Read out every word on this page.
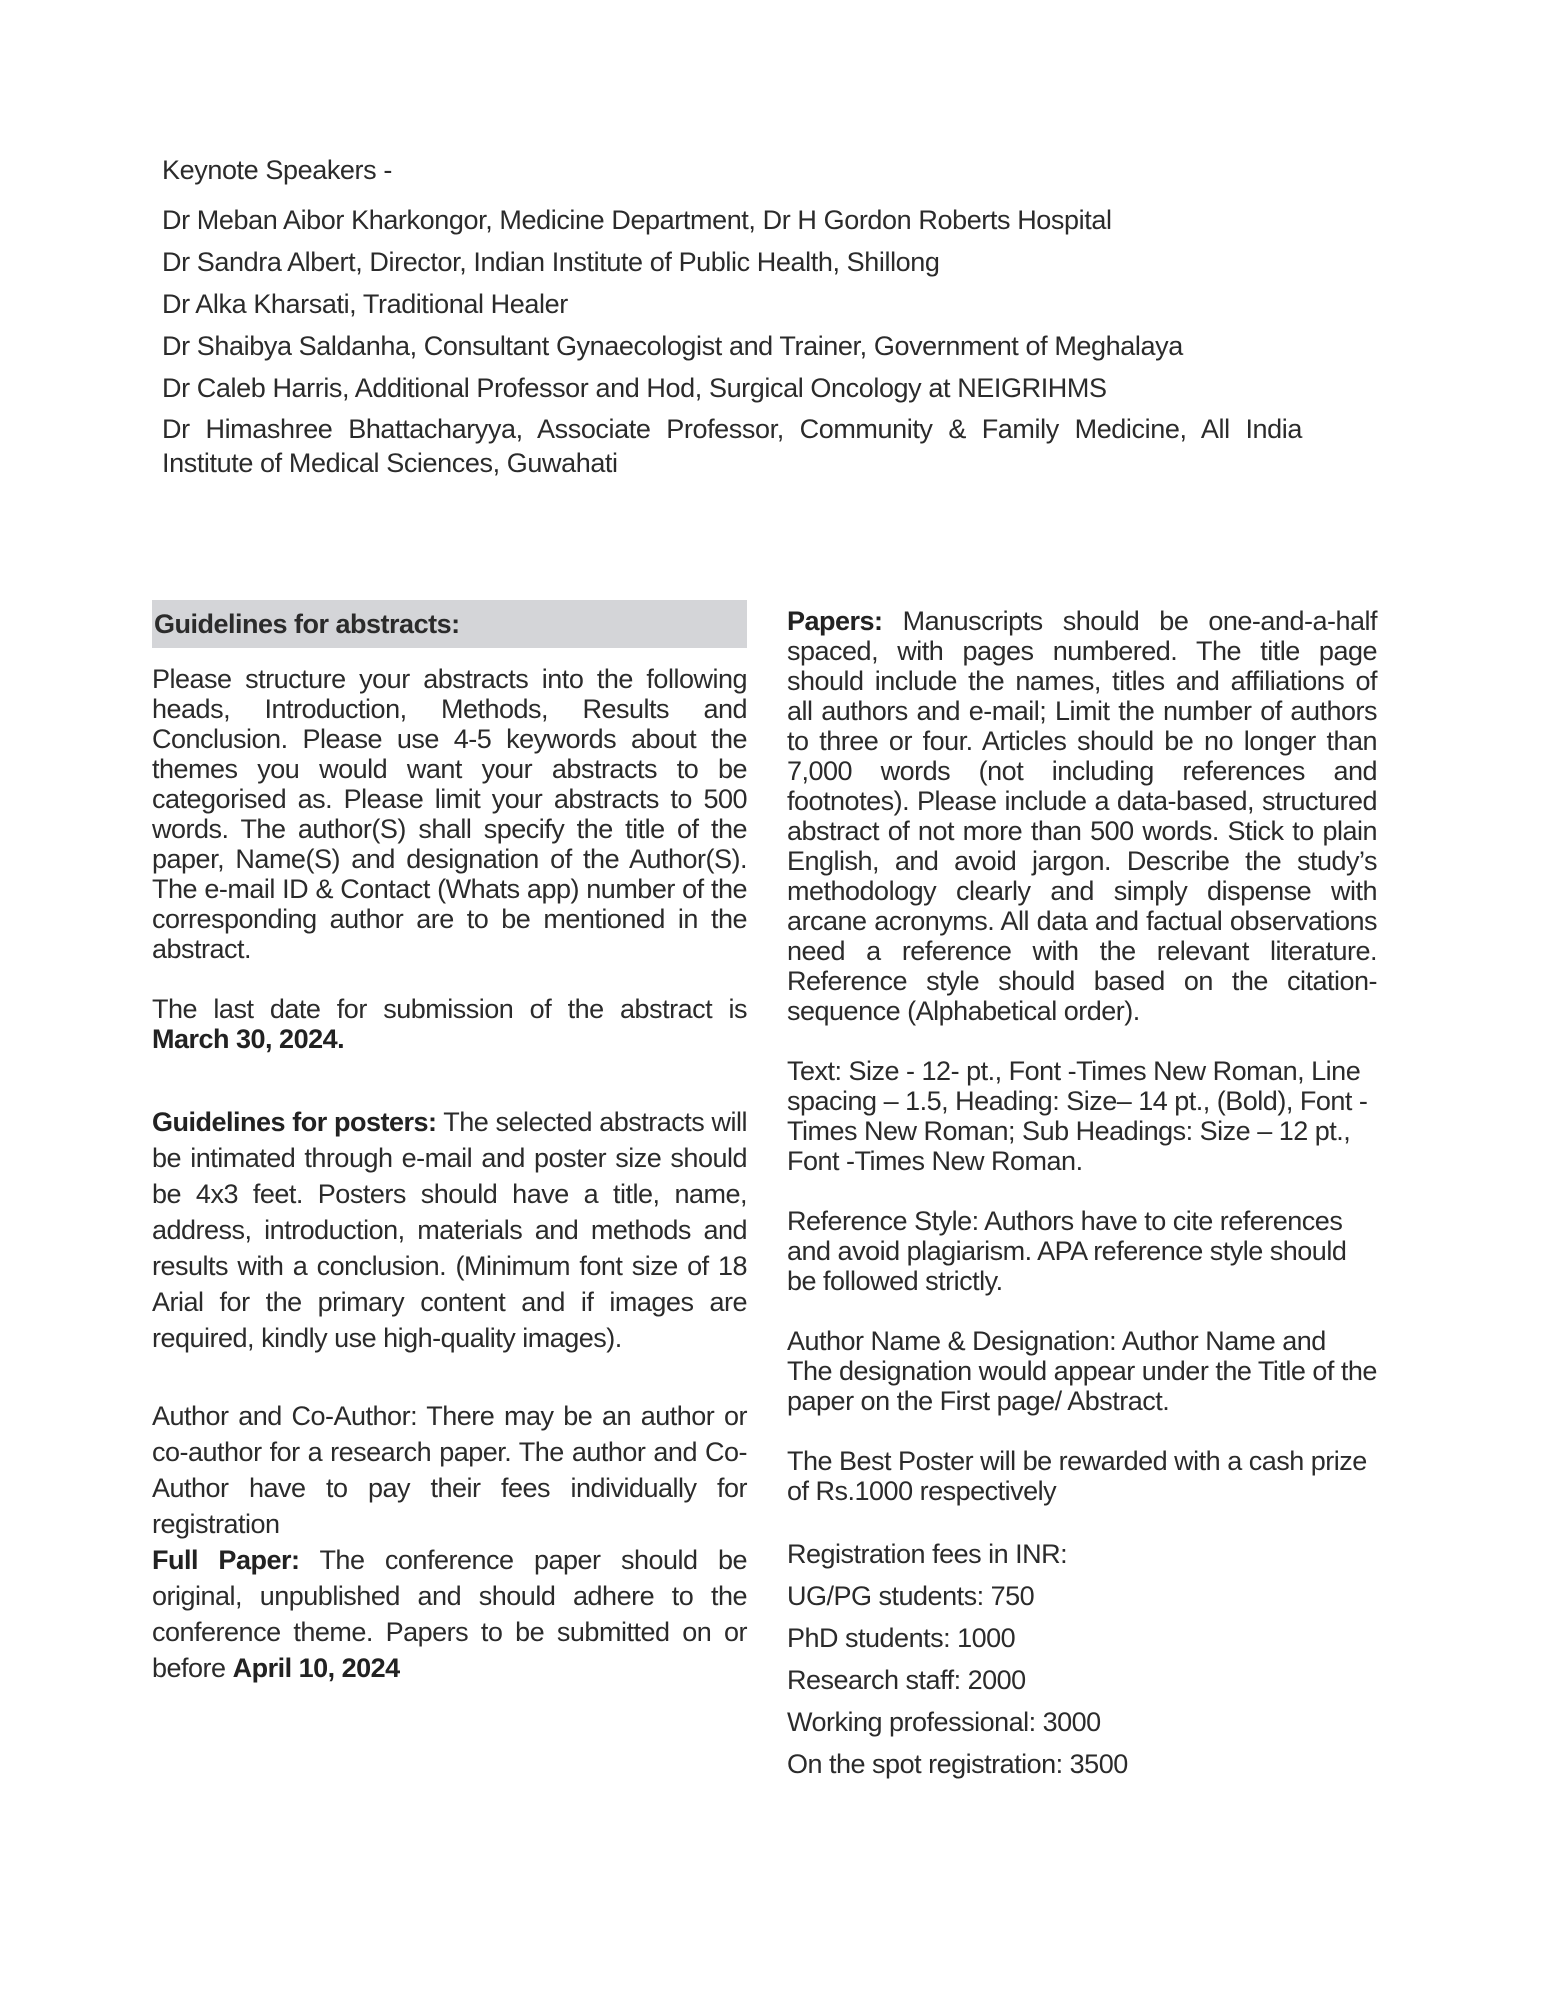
Keynote Speakers -

Dr Meban Aibor Kharkongor, Medicine Department, Dr H Gordon Roberts Hospital

Dr Sandra Albert, Director, Indian Institute of Public Health, Shillong

Dr Alka Kharsati, Traditional Healer

Dr Shaibya Saldanha, Consultant Gynaecologist and Trainer, Government of Meghalaya

Dr Caleb Harris, Additional Professor and Hod, Surgical Oncology at NEIGRIHMS

Dr Himashree Bhattacharyya, Associate Professor, Community & Family Medicine, All India Institute of Medical Sciences, Guwahati

Guidelines for abstracts:

Please structure your abstracts into the following heads, Introduction, Methods, Results and Conclusion. Please use 4-5 keywords about the themes you would want your abstracts to be categorised as. Please limit your abstracts to 500 words. The author(S) shall specify the title of the paper, Name(S) and designation of the Author(S). The e-mail ID & Contact (Whats app) number of the corresponding author are to be mentioned in the abstract.

The last date for submission of the abstract is March 30, 2024.

Guidelines for posters: The selected abstracts will be intimated through e-mail and poster size should be 4x3 feet. Posters should have a title, name, address, introduction, materials and methods and results with a conclusion. (Minimum font size of 18 Arial for the primary content and if images are required, kindly use high-quality images).

Author and Co-Author: There may be an author or co-author for a research paper. The author and Co-Author have to pay their fees individually for registration

Full Paper: The conference paper should be original, unpublished and should adhere to the conference theme. Papers to be submitted on or before April 10, 2024

Papers: Manuscripts should be one-and-a-half spaced, with pages numbered. The title page should include the names, titles and affiliations of all authors and e-mail; Limit the number of authors to three or four. Articles should be no longer than 7,000 words (not including references and footnotes). Please include a data-based, structured abstract of not more than 500 words. Stick to plain English, and avoid jargon. Describe the study’s methodology clearly and simply dispense with arcane acronyms. All data and factual observations need a reference with the relevant literature. Reference style should based on the citation-sequence (Alphabetical order).

Text: Size - 12- pt., Font -Times New Roman, Line spacing – 1.5, Heading: Size– 14 pt., (Bold), Font -Times New Roman; Sub Headings: Size – 12 pt., Font -Times New Roman.

Reference Style: Authors have to cite references and avoid plagiarism. APA reference style should be followed strictly.

Author Name & Designation: Author Name and The designation would appear under the Title of the paper on the First page/ Abstract.

The Best Poster will be rewarded with a cash prize of Rs.1000 respectively

Registration fees in INR:

UG/PG students: 750

PhD students: 1000

Research staff: 2000

Working professional: 3000

On the spot registration: 3500
